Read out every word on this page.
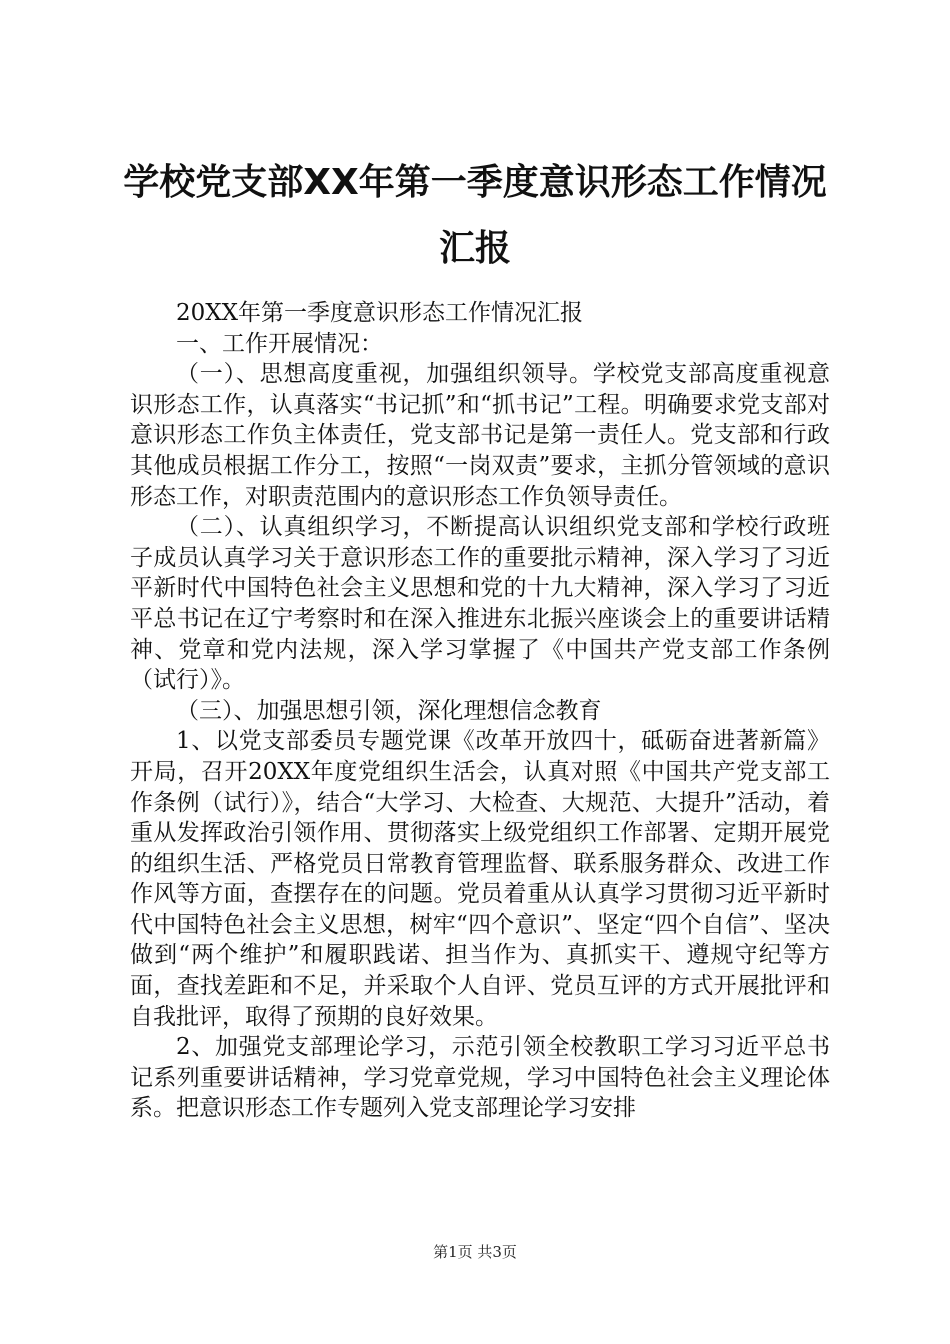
学校党支部XX年第一季度意识形态工作情况汇报

20XX年第一季度意识形态工作情况汇报

一、工作开展情况：

（一）、思想高度重视，加强组织领导。学校党支部高度重视意识形态工作，认真落实“书记抓”和“抓书记”工程。明确要求党支部对意识形态工作负主体责任，党支部书记是第一责任人。党支部和行政其他成员根据工作分工，按照“一岗双责”要求，主抓分管领域的意识形态工作，对职责范围内的意识形态工作负领导责任。

（二）、认真组织学习，不断提高认识组织党支部和学校行政班子成员认真学习关于意识形态工作的重要批示精神，深入学习了习近平新时代中国特色社会主义思想和党的十九大精神，深入学习了习近平总书记在辽宁考察时和在深入推进东北振兴座谈会上的重要讲话精神、党章和党内法规，深入学习掌握了《中国共产党支部工作条例（试行）》。

（三）、加强思想引领，深化理想信念教育

1、以党支部委员专题党课《改革开放四十，砥砺奋进著新篇》开局，召开20XX年度党组织生活会，认真对照《中国共产党支部工作条例（试行）》，结合“大学习、大检查、大规范、大提升”活动，着重从发挥政治引领作用、贯彻落实上级党组织工作部署、定期开展党的组织生活、严格党员日常教育管理监督、联系服务群众、改进工作作风等方面，查摆存在的问题。党员着重从认真学习贯彻习近平新时代中国特色社会主义思想，树牢“四个意识”、坚定“四个自信”、坚决做到“两个维护”和履职践诺、担当作为、真抓实干、遵规守纪等方面，查找差距和不足，并采取个人自评、党员互评的方式开展批评和自我批评，取得了预期的良好效果。

2、加强党支部理论学习，示范引领全校教职工学习习近平总书记系列重要讲话精神，学习党章党规，学习中国特色社会主义理论体系。把意识形态工作专题列入党支部理论学习安排

第1页 共3页
